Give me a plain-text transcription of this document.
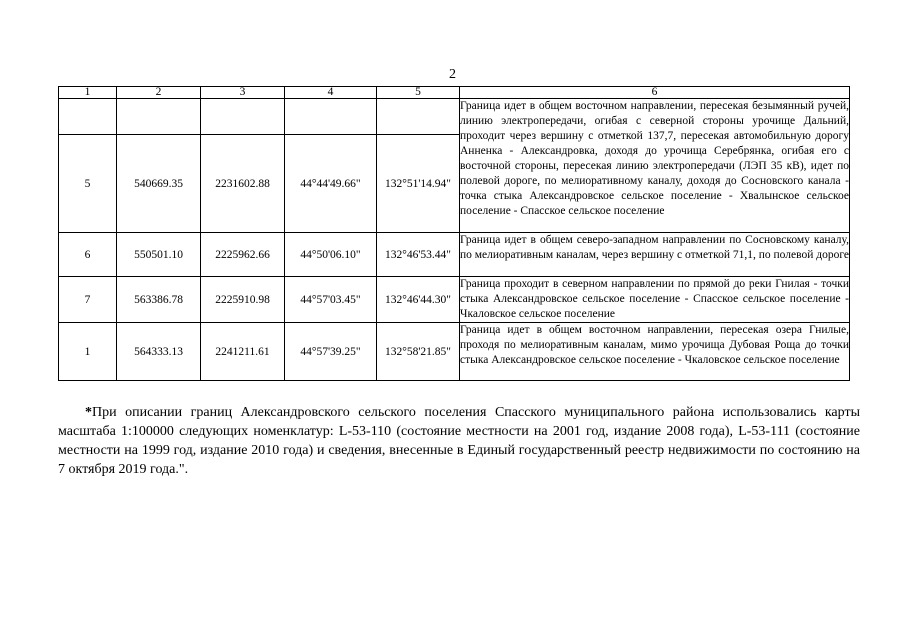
2
1	2	3	4	5	6
					Граница идет в общем восточном направлении, пересекая безымянный ручей, линию электропередачи, огибая с северной стороны урочище Дальний, проходит через вершину с отметкой 137,7, пересекая автомобильную дорогу Анненка - Александровка, доходя до урочища Серебрянка, огибая его с восточной стороны, пересекая линию электропередачи (ЛЭП 35 кВ), идет по полевой дороге, по мелиоративному каналу, доходя до Сосновского канала - точка стыка Александровское сельское поселение - Хвалынское сельское поселение - Спасское сельское поселение
5	540669.35	2231602.88	44°44'49.66"	132°51'14.94"	
6	550501.10	2225962.66	44°50'06.10"	132°46'53.44"	Граница идет в общем северо-западном направлении по Сосновскому каналу, по мелиоративным каналам, через вершину с отметкой 71,1, по полевой дороге

7	563386.78	2225910.98	44°57'03.45"	132°46'44.30"	Граница проходит в северном направлении по прямой до реки Гнилая - точки стыка Александровское сельское поселение - Спасское сельское поселение - Чкаловское сельское поселение

1	564333.13	2241211.61	44°57'39.25"	132°58'21.85"	Граница идет в общем восточном направлении, пересекая озера Гнилые, проходя по мелиоративным каналам, мимо урочища Дубовая Роща до точки стыка Александровское сельское поселение - Чкаловское сельское поселение

*При описании границ Александровского сельского поселения Спасского муниципального района использовались карты масштаба 1:100000 следующих номенклатур: L-53-110 (состояние местности на 2001 год, издание 2008 года), L-53-111 (состояние местности на 1999 год, издание 2010 года) и сведения, внесенные в Единый государственный реестр недвижимости по состоянию на 7 октября 2019 года.".
